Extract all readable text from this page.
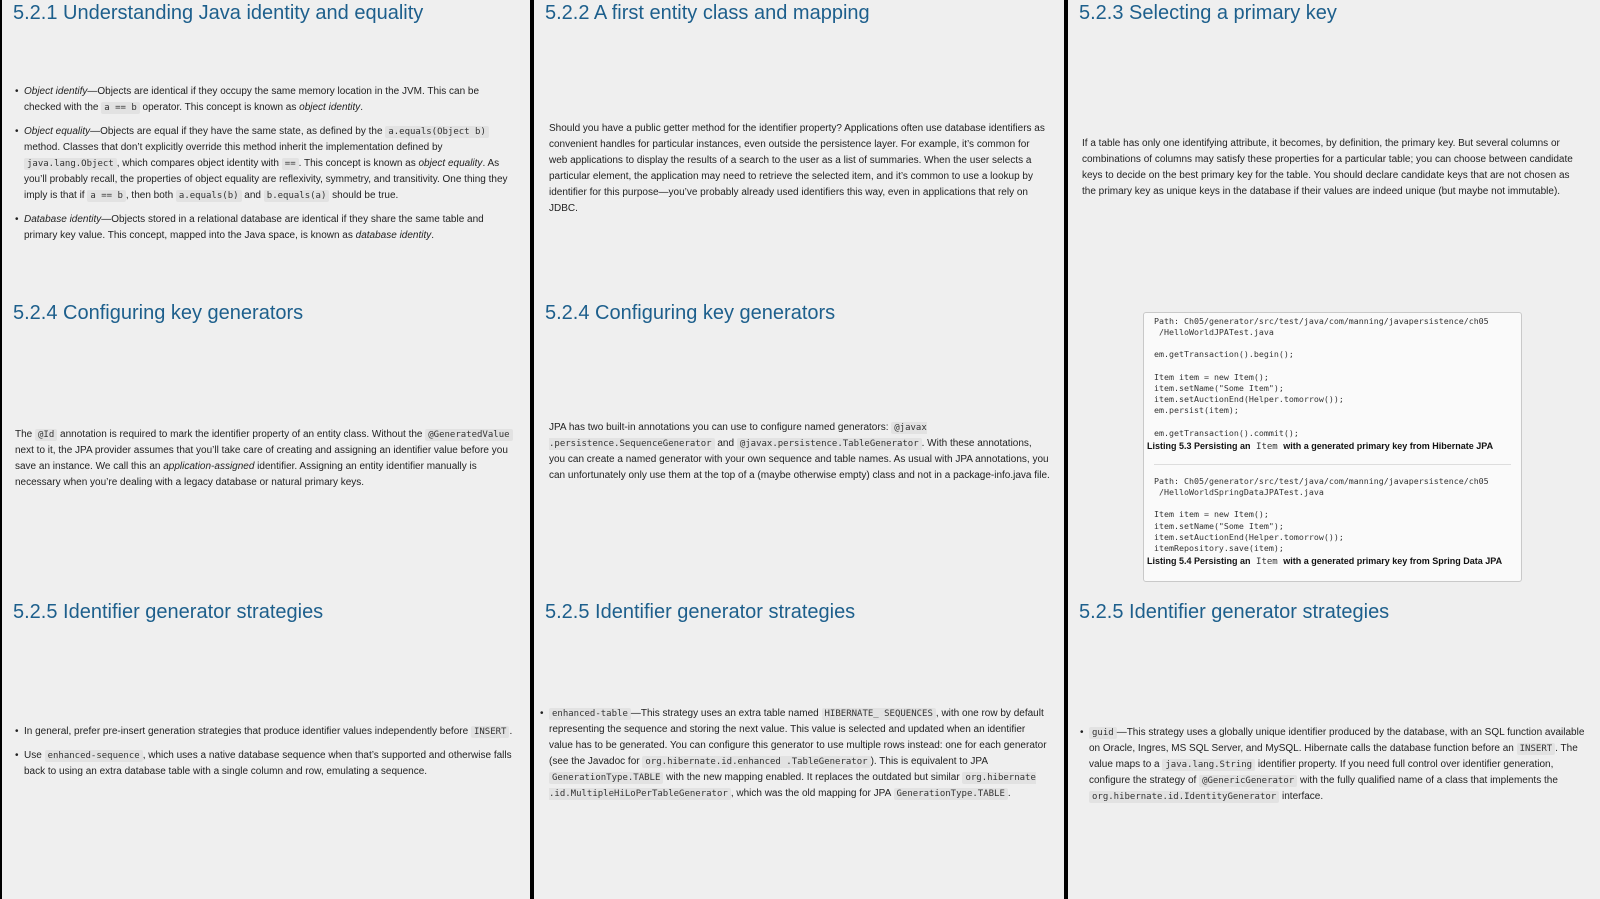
5.2.1 Understanding Java identity and equality
• Object identify—Objects are identical if they occupy the same memory location in the JVM. This can be checked with the a == b operator. This concept is known as object identity.
• Object equality—Objects are equal if they have the same state, as defined by the a.equals(Object b) method. Classes that don’t explicitly override this method inherit the implementation defined by java.lang.Object , which compares object identity with == . This concept is known as object equality. As you’ll probably recall, the properties of object equality are reflexivity, symmetry, and transitivity. One thing they imply is that if a == b , then both a.equals(b) and b.equals(a) should be true.
• Database identity—Objects stored in a relational database are identical if they share the same table and primary key value. This concept, mapped into the Java space, is known as database identity.
5.2.4 Configuring key generators

The @Id annotation is required to mark the identifier property of an entity class. Without the @GeneratedValue next to it, the JPA provider assumes that you’ll take care of creating and assigning an identifier value before you save an instance. We call this an application-assigned identifier. Assigning an entity identifier manually is necessary when you’re dealing with a legacy database or natural primary keys.

5.2.5 Identifier generator strategies
• In general, prefer pre-insert generation strategies that produce identifier values independently before INSERT .
• Use enhanced-sequence , which uses a native database sequence when that’s supported and otherwise falls back to using an extra database table with a single column and row, emulating a sequence.
5.2.2 A first entity class and mapping

Should you have a public getter method for the identifier property? Applications often use database identifiers as convenient handles for particular instances, even outside the persistence layer. For example, it’s common for web applications to display the results of a search to the user as a list of summaries. When the user selects a particular element, the application may need to retrieve the selected item, and it’s common to use a lookup by identifier for this purpose—you’ve probably already used identifiers this way, even in applications that rely on JDBC.

5.2.4 Configuring key generators

JPA has two built-in annotations you can use to configure named generators: @javax .persistence.SequenceGenerator and @javax.persistence.TableGenerator . With these annotations, you can create a named generator with your own sequence and table names. As usual with JPA annotations, you can unfortunately only use them at the top of a (maybe otherwise empty) class and not in a package-info.java file.

5.2.5 Identifier generator strategies
• enhanced-table —This strategy uses an extra table named HIBERNATE_ SEQUENCES , with one row by default representing the sequence and storing the next value. This value is selected and updated when an identifier value has to be generated. You can configure this generator to use multiple rows instead: one for each generator (see the Javadoc for org.hibernate.id.enhanced .TableGenerator ). This is equivalent to JPA GenerationType.TABLE with the new mapping enabled. It replaces the outdated but similar org.hibernate .id.MultipleHiLoPerTableGenerator , which was the old mapping for JPA GenerationType.TABLE .
5.2.3 Selecting a primary key

If a table has only one identifying attribute, it becomes, by definition, the primary key. But several columns or combinations of columns may satisfy these properties for a particular table; you can choose between candidate keys to decide on the best primary key for the table. You should declare candidate keys that are not chosen as the primary key as unique keys in the database if their values are indeed unique (but maybe not immutable).

Path: Ch05/generator/src/test/java/com/manning/javapersistence/ch05
/HelloWorldJPATest.java
em.getTransaction().begin();

Item item = new Item();
item.setName("Some Item");
item.setAuctionEnd(Helper.tomorrow());
em.persist(item);

em.getTransaction().commit();
Listing 5.3 Persisting an Item with a generated primary key from Hibernate JPA
Path: Ch05/generator/src/test/java/com/manning/javapersistence/ch05
/HelloWorldSpringDataJPATest.java
Item item = new Item();
item.setName("Some Item");
item.setAuctionEnd(Helper.tomorrow());
itemRepository.save(item);
Listing 5.4 Persisting an Item with a generated primary key from Spring Data JPA
5.2.5 Identifier generator strategies
• guid —This strategy uses a globally unique identifier produced by the database, with an SQL function available on Oracle, Ingres, MS SQL Server, and MySQL. Hibernate calls the database function before an INSERT . The value maps to a java.lang.String identifier property. If you need full control over identifier generation, configure the strategy of @GenericGenerator with the fully qualified name of a class that implements the org.hibernate.id.IdentityGenerator interface.
